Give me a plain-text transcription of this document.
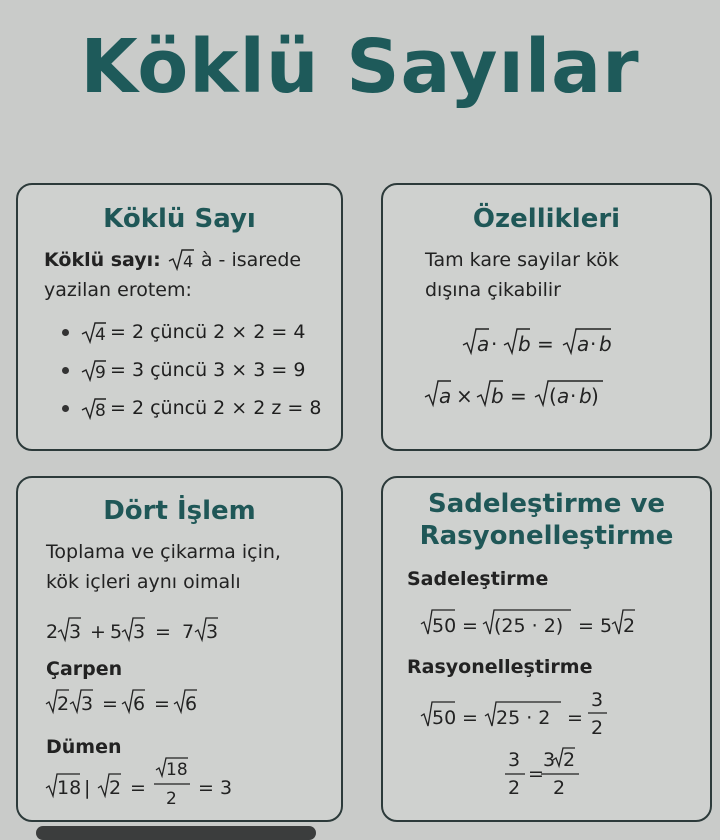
Köklü Sayılar
Köklü Sayı
Köklü sayı: 4 à - isarede
yazilan erotem:
4 = 2 çüncü 2 × 2 = 4
9 = 3 çüncü 3 × 3 = 9
8 = 2 çüncü 2 × 2 z = 8
Özellikleri
Tam kare sayilar kök
dışına çikabilir
a · b = a · b
a × b = ( a · b )
Dört İşlem
Toplama ve çikarma için,
kök içleri aynı oimalı
2 3 + 5 3 = 7 3
Çarpen
2 3 = 6 = 6
Dümen
18 | 2 =
18
2 = 3
Sadeleştirme ve
Rasyonelleştirme
Sadeleştirme
50 = (25 · 2) = 5 2
Rasyonelleştirme
50 = 25 · 2 =
3
2
3
2
=
3 2
2
